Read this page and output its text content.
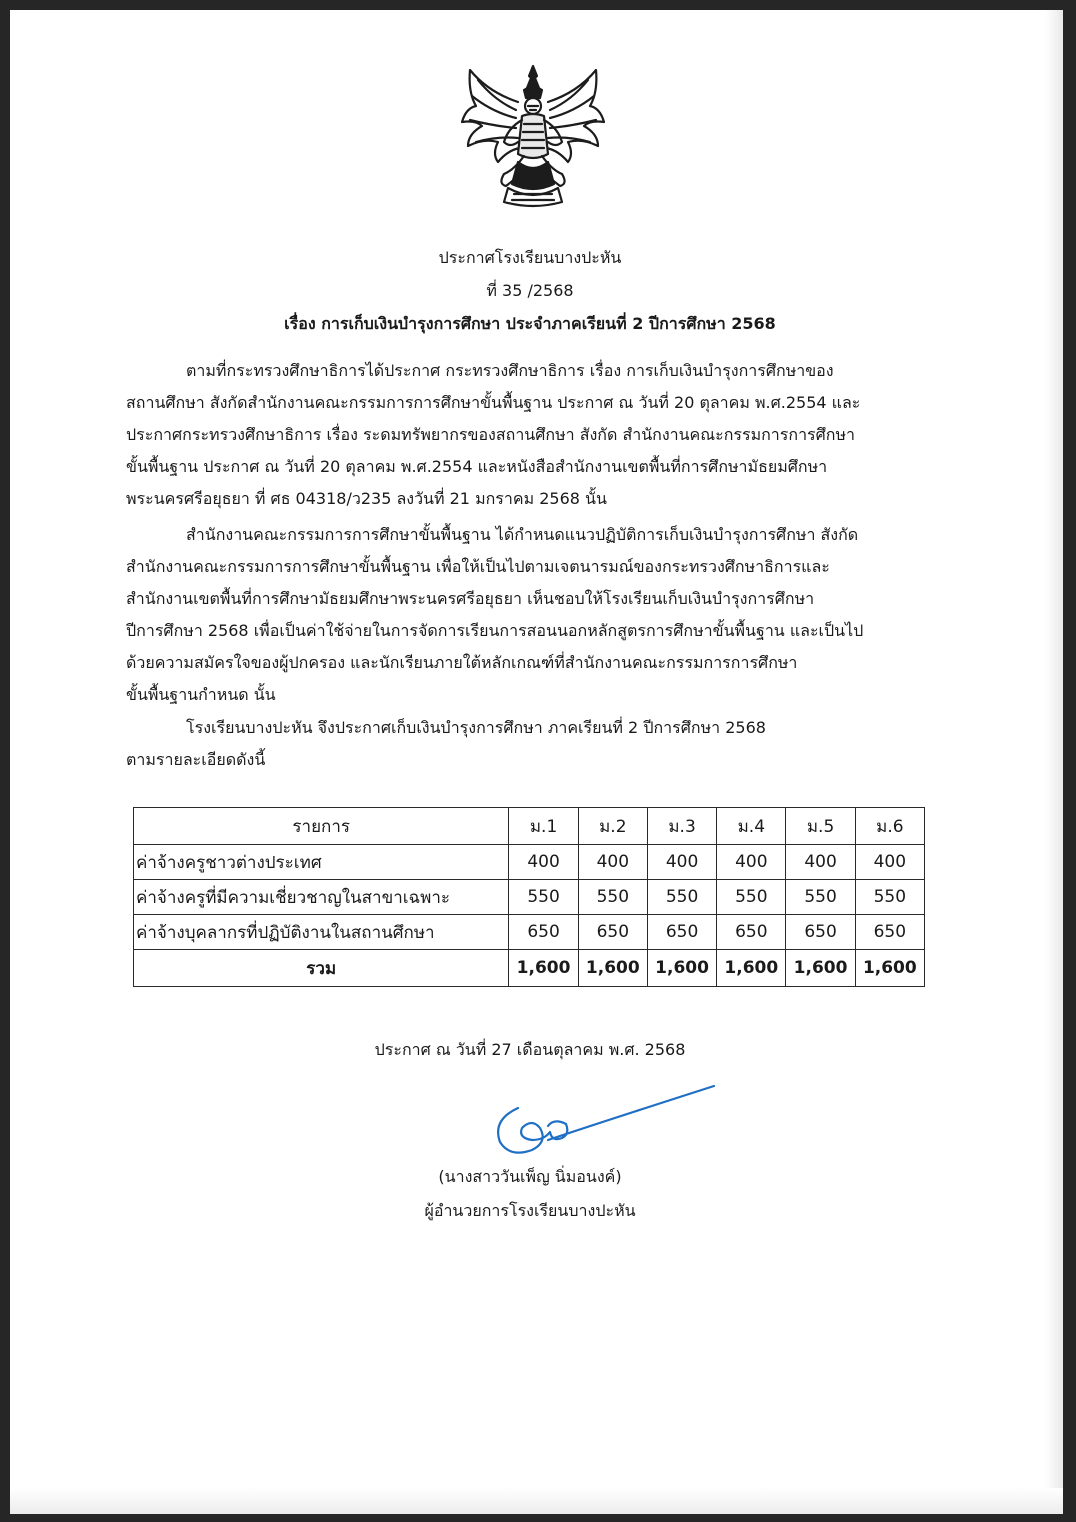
ประกาศโรงเรียนบางปะหัน
ที่ 35 /2568
เรื่อง การเก็บเงินบำรุงการศึกษา ประจำภาคเรียนที่ 2 ปีการศึกษา 2568
ตามที่กระทรวงศึกษาธิการได้ประกาศ กระทรวงศึกษาธิการ เรื่อง การเก็บเงินบำรุงการศึกษาของ
สถานศึกษา สังกัดสำนักงานคณะกรรมการการศึกษาขั้นพื้นฐาน ประกาศ ณ วันที่ 20 ตุลาคม พ.ศ.2554 และ
ประกาศกระทรวงศึกษาธิการ เรื่อง ระดมทรัพยากรของสถานศึกษา สังกัด สำนักงานคณะกรรมการการศึกษา
ขั้นพื้นฐาน ประกาศ ณ วันที่ 20 ตุลาคม พ.ศ.2554 และหนังสือสำนักงานเขตพื้นที่การศึกษามัธยมศึกษา
พระนครศรีอยุธยา ที่ ศธ 04318/ว235 ลงวันที่ 21 มกราคม 2568 นั้น
สำนักงานคณะกรรมการการศึกษาขั้นพื้นฐาน ได้กำหนดแนวปฏิบัติการเก็บเงินบำรุงการศึกษา สังกัด
สำนักงานคณะกรรมการการศึกษาขั้นพื้นฐาน เพื่อให้เป็นไปตามเจตนารมณ์ของกระทรวงศึกษาธิการและ
สำนักงานเขตพื้นที่การศึกษามัธยมศึกษาพระนครศรีอยุธยา เห็นชอบให้โรงเรียนเก็บเงินบำรุงการศึกษา
ปีการศึกษา 2568 เพื่อเป็นค่าใช้จ่ายในการจัดการเรียนการสอนนอกหลักสูตรการศึกษาขั้นพื้นฐาน และเป็นไป
ด้วยความสมัครใจของผู้ปกครอง และนักเรียนภายใต้หลักเกณฑ์ที่สำนักงานคณะกรรมการการศึกษา
ขั้นพื้นฐานกำหนด นั้น
โรงเรียนบางปะหัน จึงประกาศเก็บเงินบำรุงการศึกษา ภาคเรียนที่ 2 ปีการศึกษา 2568
ตามรายละเอียดดังนี้
รายการ	ม.1	ม.2	ม.3	ม.4	ม.5	ม.6
ค่าจ้างครูชาวต่างประเทศ	400	400	400	400	400	400
ค่าจ้างครูที่มีความเชี่ยวชาญในสาขาเฉพาะ	550	550	550	550	550	550
ค่าจ้างบุคลากรที่ปฏิบัติงานในสถานศึกษา	650	650	650	650	650	650
รวม	1,600	1,600	1,600	1,600	1,600	1,600
ประกาศ ณ วันที่ 27 เดือนตุลาคม พ.ศ. 2568
(นางสาววันเพ็ญ นิ่มอนงค์)
ผู้อำนวยการโรงเรียนบางปะหัน
